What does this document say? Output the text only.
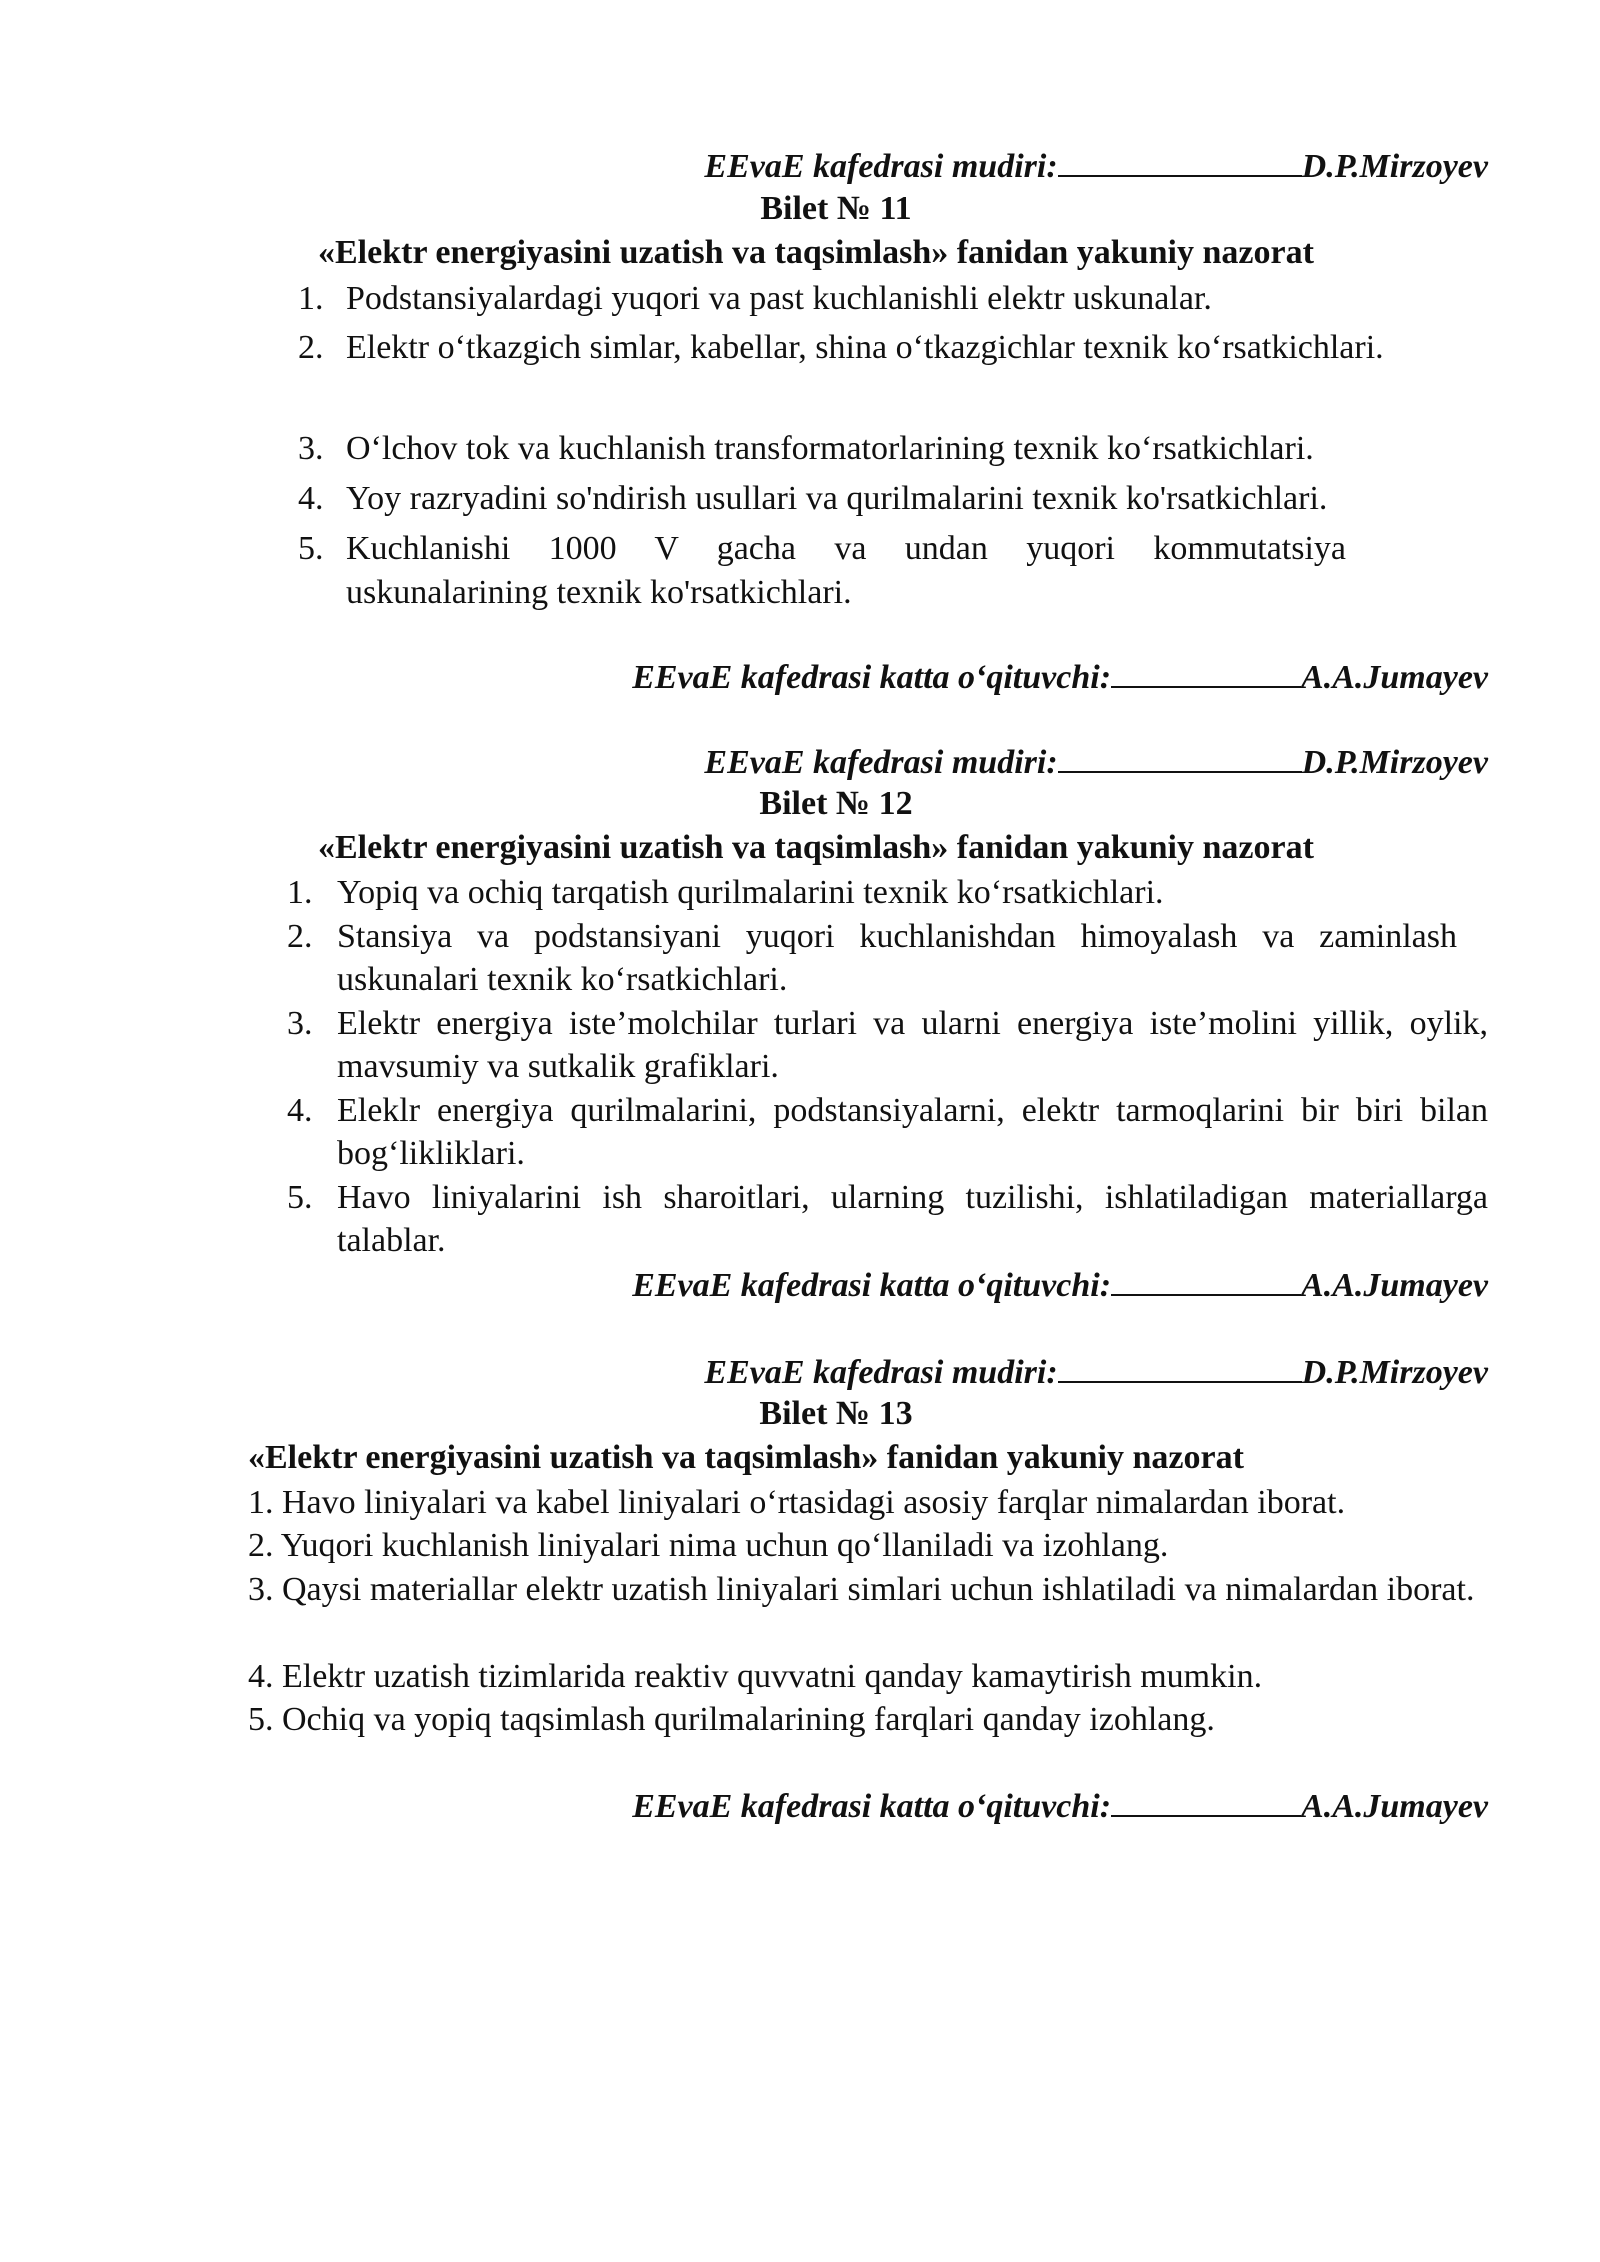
EEvaE kafedrasi mudiri:	D.P.Mirzoyev
Bilet № 11
«Elektr energiyasini uzatish va taqsimlash» fanidan yakuniy nazorat
1. Podstansiyalardagi yuqori va past kuchlanishli elektr uskunalar.
2. Elektr o‘tkazgich simlar, kabellar, shina o‘tkazgichlar texnik ko‘rsatkichlari.
3. O‘lchov tok va kuchlanish transformatorlarining texnik ko‘rsatkichlari.
4. Yoy razryadini so'ndirish usullari va qurilmalarini texnik ko'rsatkichlari.
5. Kuchlanishi 1000 V gacha va undan yuqori kommutatsiya uskunalarining texnik ko'rsatkichlari.
EEvaE kafedrasi katta o‘qituvchi:	A.A.Jumayev
EEvaE kafedrasi mudiri:	D.P.Mirzoyev
Bilet № 12
«Elektr energiyasini uzatish va taqsimlash» fanidan yakuniy nazorat
1. Yopiq va ochiq tarqatish qurilmalarini texnik ko‘rsatkichlari.
2. Stansiya va podstansiyani yuqori kuchlanishdan himoyalash va zaminlash uskunalari texnik ko‘rsatkichlari.
3. Elektr energiya iste’molchilar turlari va ularni energiya iste’molini yillik, oylik, mavsumiy va sutkalik grafiklari.
4. Eleklr energiya qurilmalarini, podstansiyalarni, elektr tarmoqlarini bir biri bilan bog‘likliklari.
5. Havo liniyalarini ish sharoitlari, ularning tuzilishi, ishlatiladigan materiallarga talablar.
EEvaE kafedrasi katta o‘qituvchi:	A.A.Jumayev
EEvaE kafedrasi mudiri:	D.P.Mirzoyev
Bilet № 13
«Elektr energiyasini uzatish va taqsimlash» fanidan yakuniy nazorat
1. Havo liniyalari va kabel liniyalari o‘rtasidagi asosiy farqlar nimalardan iborat.
2. Yuqori kuchlanish liniyalari nima uchun qo‘llaniladi va izohlang.
3. Qaysi materiallar elektr uzatish liniyalari simlari uchun ishlatiladi va nimalardan iborat.
4. Elektr uzatish tizimlarida reaktiv quvvatni qanday kamaytirish mumkin.
5. Ochiq va yopiq taqsimlash qurilmalarining farqlari qanday izohlang.
EEvaE kafedrasi katta o‘qituvchi:	A.A.Jumayev
